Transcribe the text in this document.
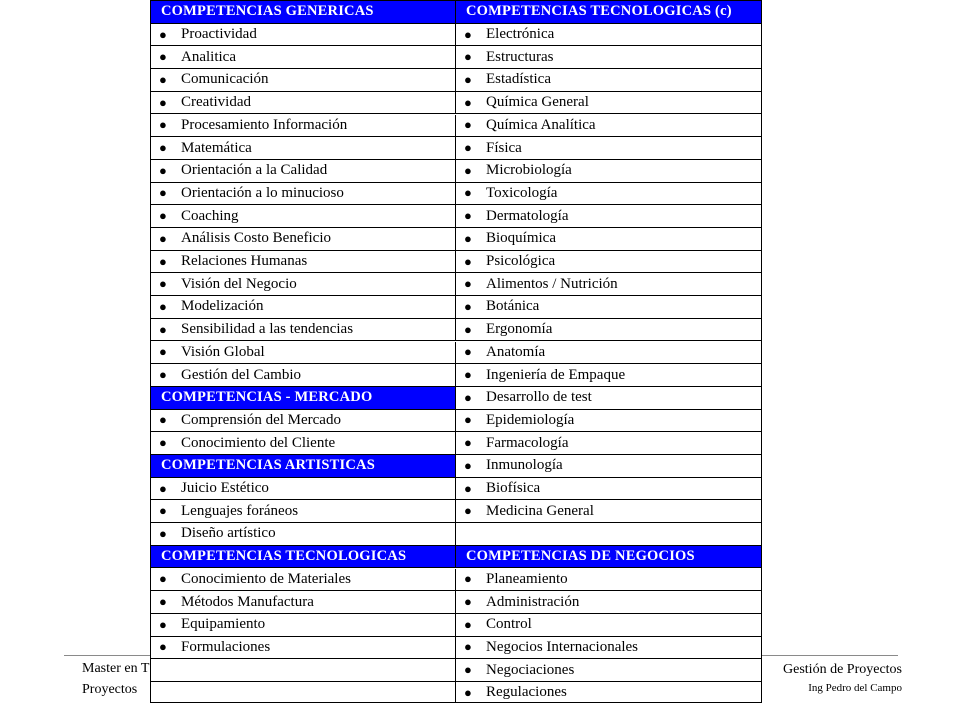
Master en T
Proyectos
Gestión de Proyectos
Ing Pedro del Campo
COMPETENCIAS GENERICAS
● Proactividad
● Analitica
● Comunicación
● Creatividad
● Procesamiento Información
● Matemática
● Orientación a la Calidad
● Orientación a lo minucioso
● Coaching
● Análisis Costo Beneficio
● Relaciones Humanas
● Visión del Negocio
● Modelización
● Sensibilidad a las tendencias
● Visión Global
● Gestión del Cambio
COMPETENCIAS - MERCADO
● Comprensión del Mercado
● Conocimiento del Cliente
COMPETENCIAS ARTISTICAS
● Juicio Estético
● Lenguajes foráneos
● Diseño artístico
COMPETENCIAS TECNOLOGICAS
● Conocimiento de Materiales
● Métodos Manufactura
● Equipamiento
● Formulaciones
COMPETENCIAS TECNOLOGICAS (c)
● Electrónica
● Estructuras
● Estadística
● Química General
● Química Analítica
● Física
● Microbiología
● Toxicología
● Dermatología
● Bioquímica
● Psicológica
● Alimentos / Nutrición
● Botánica
● Ergonomía
● Anatomía
● Ingeniería de Empaque
● Desarrollo de test
● Epidemiología
● Farmacología
● Inmunología
● Biofísica
● Medicina General
COMPETENCIAS DE NEGOCIOS
● Planeamiento
● Administración
● Control
● Negocios Internacionales
● Negociaciones
● Regulaciones
